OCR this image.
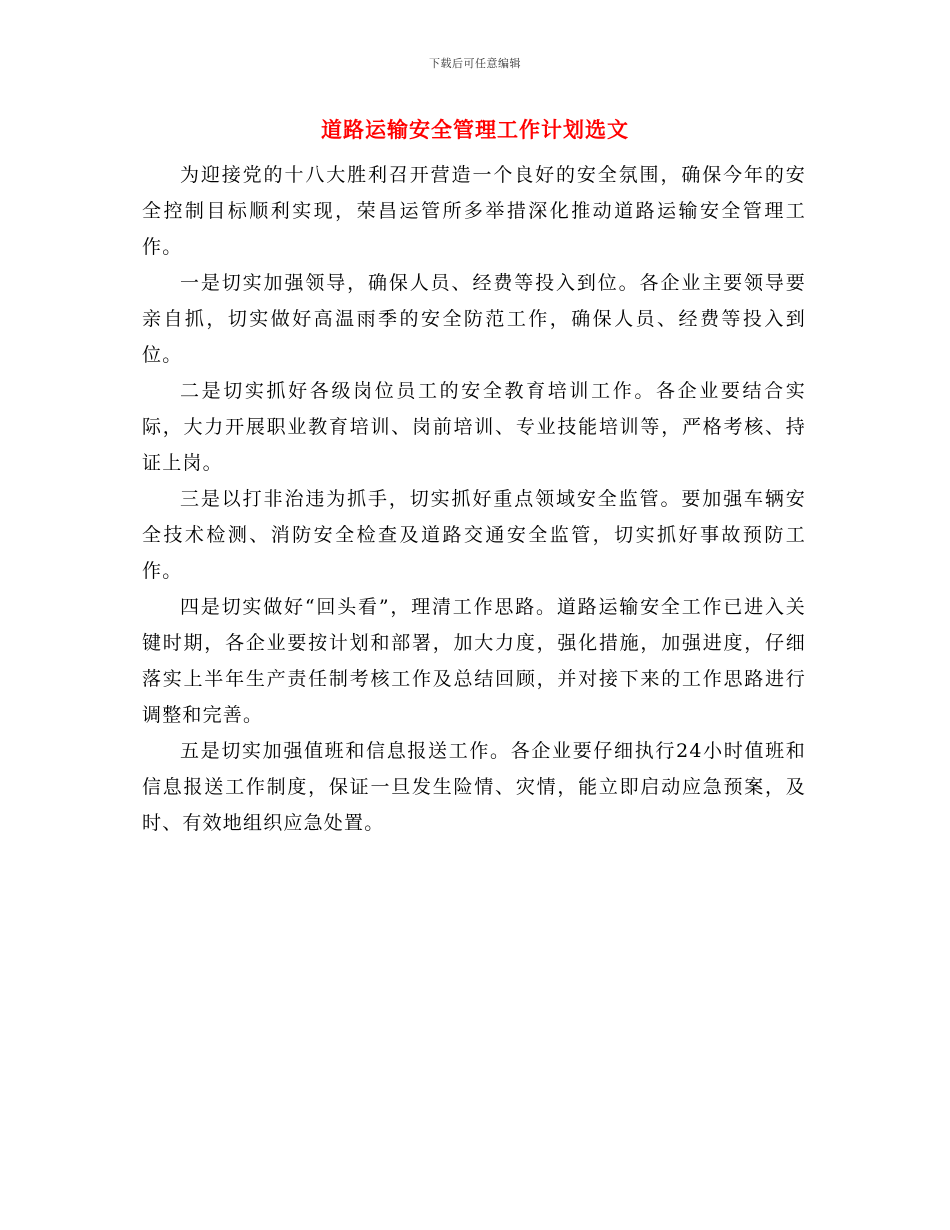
下载后可任意编辑
道路运输安全管理工作计划选文

为迎接党的十八大胜利召开营造一个良好的安全氛围，确保今年的安全控制目标顺利实现，荣昌运管所多举措深化推动道路运输安全管理工作。

一是切实加强领导，确保人员、经费等投入到位。各企业主要领导要亲自抓，切实做好高温雨季的安全防范工作，确保人员、经费等投入到位。

二是切实抓好各级岗位员工的安全教育培训工作。各企业要结合实际，大力开展职业教育培训、岗前培训、专业技能培训等，严格考核、持证上岗。

三是以打非治违为抓手，切实抓好重点领域安全监管。要加强车辆安全技术检测、消防安全检查及道路交通安全监管，切实抓好事故预防工作。

四是切实做好“回头看”，理清工作思路。道路运输安全工作已进入关键时期，各企业要按计划和部署，加大力度，强化措施，加强进度，仔细落实上半年生产责任制考核工作及总结回顾，并对接下来的工作思路进行调整和完善。

五是切实加强值班和信息报送工作。各企业要仔细执行24小时值班和信息报送工作制度，保证一旦发生险情、灾情，能立即启动应急预案，及时、有效地组织应急处置。
